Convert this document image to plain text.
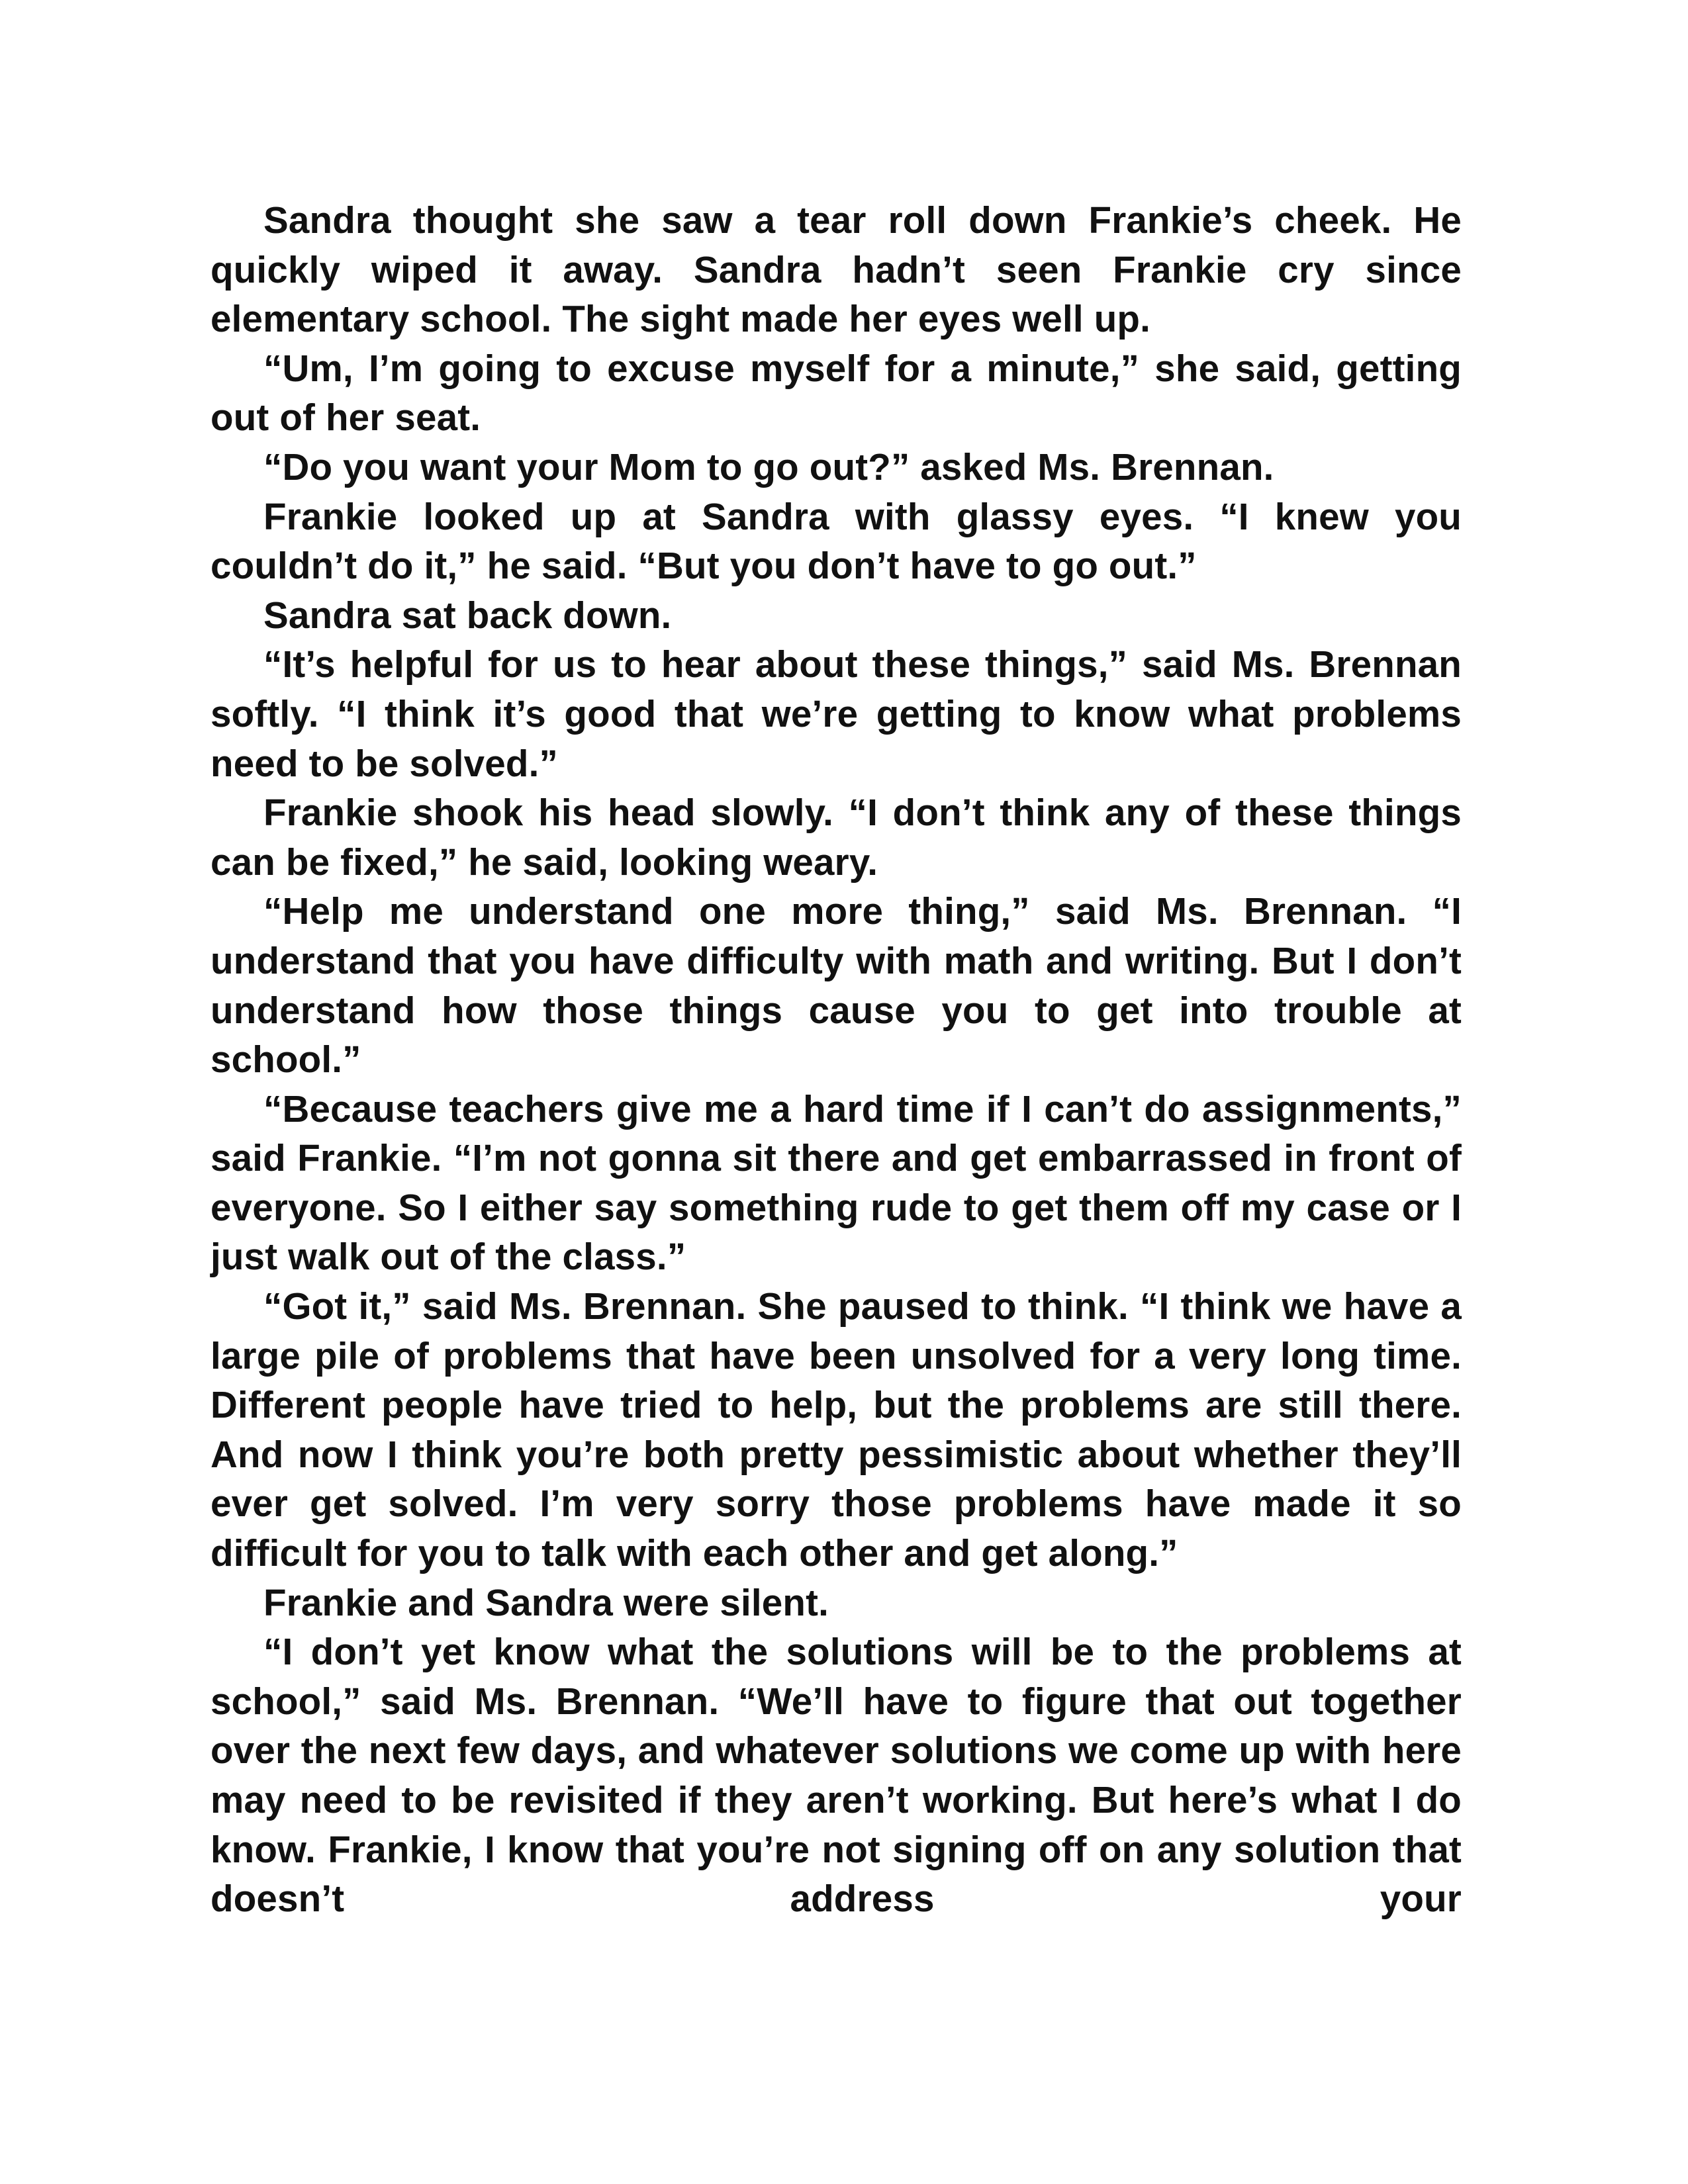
Sandra thought she saw a tear roll down Frankie’s cheek. He quickly wiped it away. Sandra hadn’t seen Frankie cry since elementary school. The sight made her eyes well up.

“Um, I’m going to excuse myself for a minute,” she said, getting out of her seat.

“Do you want your Mom to go out?” asked Ms. Brennan.

Frankie looked up at Sandra with glassy eyes. “I knew you couldn’t do it,” he said. “But you don’t have to go out.”

Sandra sat back down.

“It’s helpful for us to hear about these things,” said Ms. Brennan softly. “I think it’s good that we’re getting to know what problems need to be solved.”

Frankie shook his head slowly. “I don’t think any of these things can be fixed,” he said, looking weary.

“Help me understand one more thing,” said Ms. Brennan. “I understand that you have difficulty with math and writing. But I don’t understand how those things cause you to get into trouble at school.”

“Because teachers give me a hard time if I can’t do assignments,” said Frankie. “I’m not gonna sit there and get embarrassed in front of everyone. So I either say something rude to get them off my case or I just walk out of the class.”

“Got it,” said Ms. Brennan. She paused to think. “I think we have a large pile of problems that have been unsolved for a very long time. Different people have tried to help, but the problems are still there. And now I think you’re both pretty pessimistic about whether they’ll ever get solved. I’m very sorry those problems have made it so difficult for you to talk with each other and get along.”

Frankie and Sandra were silent.

“I don’t yet know what the solutions will be to the problems at school,” said Ms. Brennan. “We’ll have to figure that out together over the next few days, and whatever solutions we come up with here may need to be revisited if they aren’t working. But here’s what I do know. Frankie, I know that you’re not signing off on any solution that doesn’t address your
